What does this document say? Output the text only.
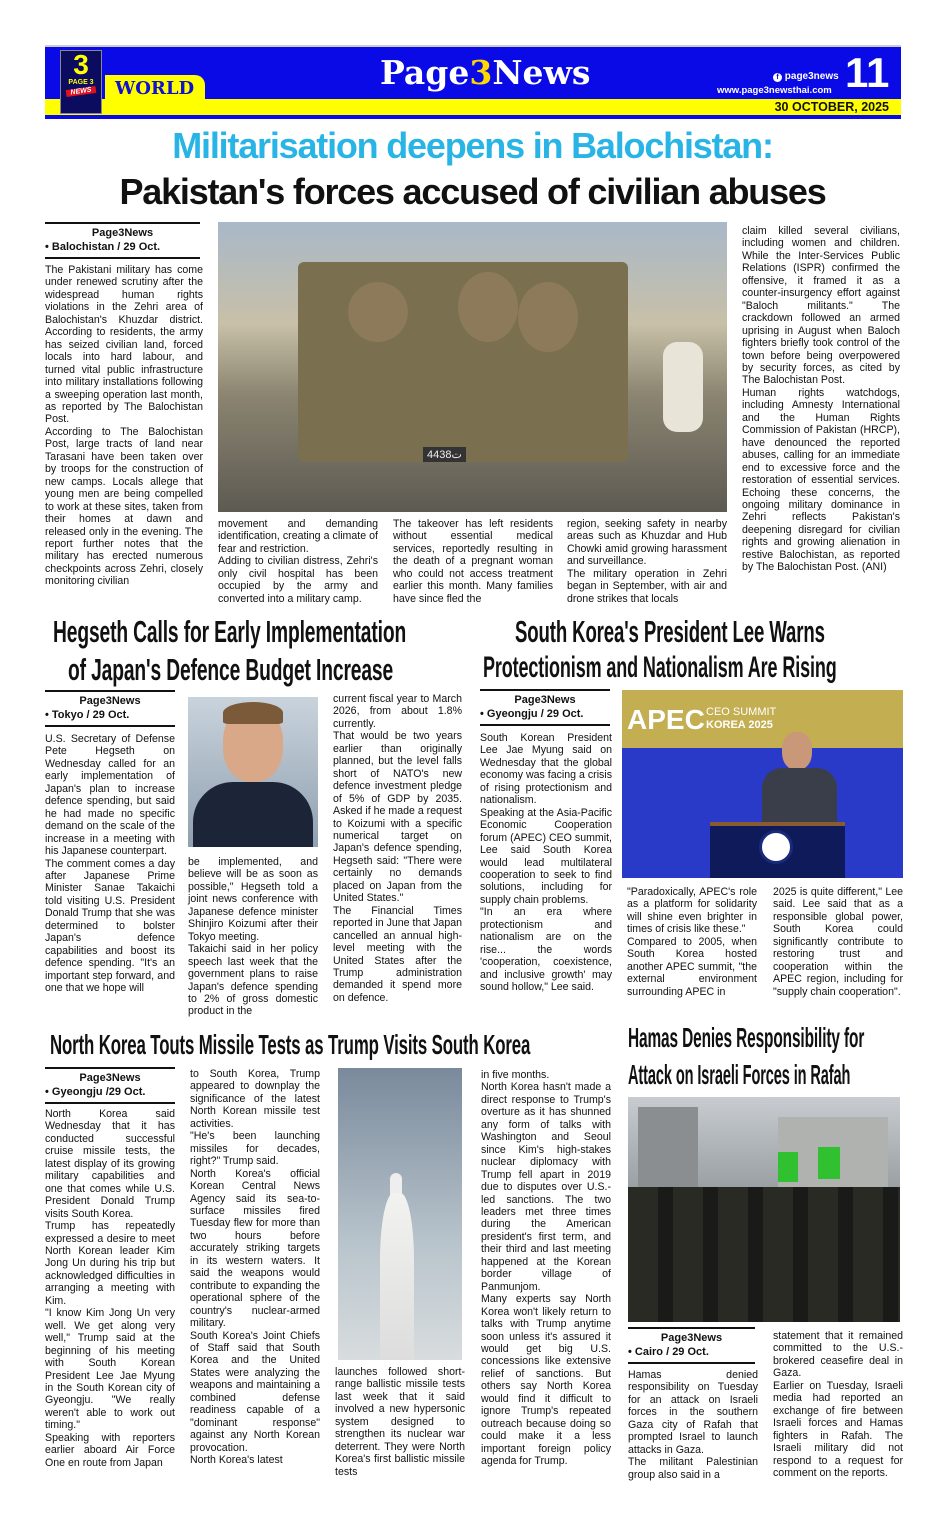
WORLD
3
PAGE 3
NEWS	Page3News	f page3news
www.page3newsthai.com 11
30 OCTOBER, 2025
Militarisation deepens in Balochistan:
Pakistan's forces accused of civilian abuses
Page3News
• Balochistan / 29 Oct.

The Pakistani military has come under renewed scrutiny after the widespread human rights violations in the Zehri area of Balochistan's Khuzdar district. According to residents, the army has seized civilian land, forced locals into hard labour, and turned vital public infrastructure into military installations following a sweeping operation last month, as reported by The Balochistan Post.

According to The Balochistan Post, large tracts of land near Tarasani have been taken over by troops for the construction of new camps. Locals allege that young men are being compelled to work at these sites, taken from their homes at dawn and released only in the evening. The report further notes that the military has erected numerous checkpoints across Zehri, closely monitoring civilian

ت4438

movement and demanding identification, creating a climate of fear and restriction.

Adding to civilian distress, Zehri's only civil hospital has been occupied by the army and converted into a military camp.

The takeover has left residents without essential medical services, reportedly resulting in the death of a pregnant woman who could not access treatment earlier this month. Many families have since fled the

region, seeking safety in nearby areas such as Khuzdar and Hub Chowki amid growing harassment and surveillance.

The military operation in Zehri began in September, with air and drone strikes that locals

claim killed several civilians, including women and children. While the Inter-Services Public Relations (ISPR) confirmed the offensive, it framed it as a counter-insurgency effort against "Baloch militants." The crackdown followed an armed uprising in August when Baloch fighters briefly took control of the town before being overpowered by security forces, as cited by The Balochistan Post.

Human rights watchdogs, including Amnesty International and the Human Rights Commission of Pakistan (HRCP), have denounced the reported abuses, calling for an immediate end to excessive force and the restoration of essential services. Echoing these concerns, the ongoing military dominance in Zehri reflects Pakistan's deepening disregard for civilian rights and growing alienation in restive Balochistan, as reported by The Balochistan Post. (ANI)

Hegseth Calls for Early Implementation
of Japan's Defence Budget Increase
Page3News
• Tokyo / 29 Oct.

U.S. Secretary of Defense Pete Hegseth on Wednesday called for an early implementation of Japan's plan to increase defence spending, but said he had made no specific demand on the scale of the increase in a meeting with his Japanese counterpart.

The comment comes a day after Japanese Prime Minister Sanae Takaichi told visiting U.S. President Donald Trump that she was determined to bolster Japan's defence capabilities and boost its defence spending. "It's an important step forward, and one that we hope will

be implemented, and believe will be as soon as possible," Hegseth told a joint news conference with Japanese defence minister Shinjiro Koizumi after their Tokyo meeting.

Takaichi said in her policy speech last week that the government plans to raise Japan's defence spending to 2% of gross domestic product in the

current fiscal year to March 2026, from about 1.8% currently.

That would be two years earlier than originally planned, but the level falls short of NATO's new defence investment pledge of 5% of GDP by 2035. Asked if he made a request to Koizumi with a specific numerical target on Japan's defence spending, Hegseth said: "There were certainly no demands placed on Japan from the United States."

The Financial Times reported in June that Japan cancelled an annual high-level meeting with the United States after the Trump administration demanded it spend more on defence.

South Korea's President Lee Warns
Protectionism and Nationalism Are Rising
Page3News
• Gyeongju / 29 Oct.

South Korean President Lee Jae Myung said on Wednesday that the global economy was facing a crisis of rising protectionism and nationalism.

Speaking at the Asia-Pacific Economic Cooperation forum (APEC) CEO summit, Lee said South Korea would lead multilateral cooperation to seek to find solutions, including for supply chain problems.

"In an era where protectionism and nationalism are on the rise... the words 'cooperation, coexistence, and inclusive growth' may sound hollow," Lee said.

APEC CEO SUMMIT
KOREA 2025

"Paradoxically, APEC's role as a platform for solidarity will shine even brighter in times of crisis like these."

Compared to 2005, when South Korea hosted another APEC summit, "the external environment surrounding APEC in

2025 is quite different," Lee said. Lee said that as a responsible global power, South Korea could significantly contribute to restoring trust and cooperation within the APEC region, including for "supply chain cooperation".

North Korea Touts Missile Tests as Trump Visits South Korea
Page3News
• Gyeongju /29 Oct.

North Korea said Wednesday that it has conducted successful cruise missile tests, the latest display of its growing military capabilities and one that comes while U.S. President Donald Trump visits South Korea.

Trump has repeatedly expressed a desire to meet North Korean leader Kim Jong Un during his trip but acknowledged difficulties in arranging a meeting with Kim.

"I know Kim Jong Un very well. We get along very well," Trump said at the beginning of his meeting with South Korean President Lee Jae Myung in the South Korean city of Gyeongju. "We really weren't able to work out timing."

Speaking with reporters earlier aboard Air Force One en route from Japan

to South Korea, Trump appeared to downplay the significance of the latest North Korean missile test activities.

"He's been launching missiles for decades, right?" Trump said.

North Korea's official Korean Central News Agency said its sea-to-surface missiles fired Tuesday flew for more than two hours before accurately striking targets in its western waters. It said the weapons would contribute to expanding the operational sphere of the country's nuclear-armed military.

South Korea's Joint Chiefs of Staff said that South Korea and the United States were analyzing the weapons and maintaining a combined defense readiness capable of a "dominant response" against any North Korean provocation.

North Korea's latest

launches followed short-range ballistic missile tests last week that it said involved a new hypersonic system designed to strengthen its nuclear war deterrent. They were North Korea's first ballistic missile tests

in five months.

North Korea hasn't made a direct response to Trump's overture as it has shunned any form of talks with Washington and Seoul since Kim's high-stakes nuclear diplomacy with Trump fell apart in 2019 due to disputes over U.S.-led sanctions. The two leaders met three times during the American president's first term, and their third and last meeting happened at the Korean border village of Panmunjom.

Many experts say North Korea won't likely return to talks with Trump anytime soon unless it's assured it would get big U.S. concessions like extensive relief of sanctions. But others say North Korea would find it difficult to ignore Trump's repeated outreach because doing so could make it a less important foreign policy agenda for Trump.

Hamas Denies Responsibility for
Attack on Israeli Forces in Rafah
Page3News
• Cairo / 29 Oct.

Hamas denied responsibility on Tuesday for an attack on Israeli forces in the southern Gaza city of Rafah that prompted Israel to launch attacks in Gaza.

The militant Palestinian group also said in a

statement that it remained committed to the U.S.-brokered ceasefire deal in Gaza.

Earlier on Tuesday, Israeli media had reported an exchange of fire between Israeli forces and Hamas fighters in Rafah. The Israeli military did not respond to a request for comment on the reports.
